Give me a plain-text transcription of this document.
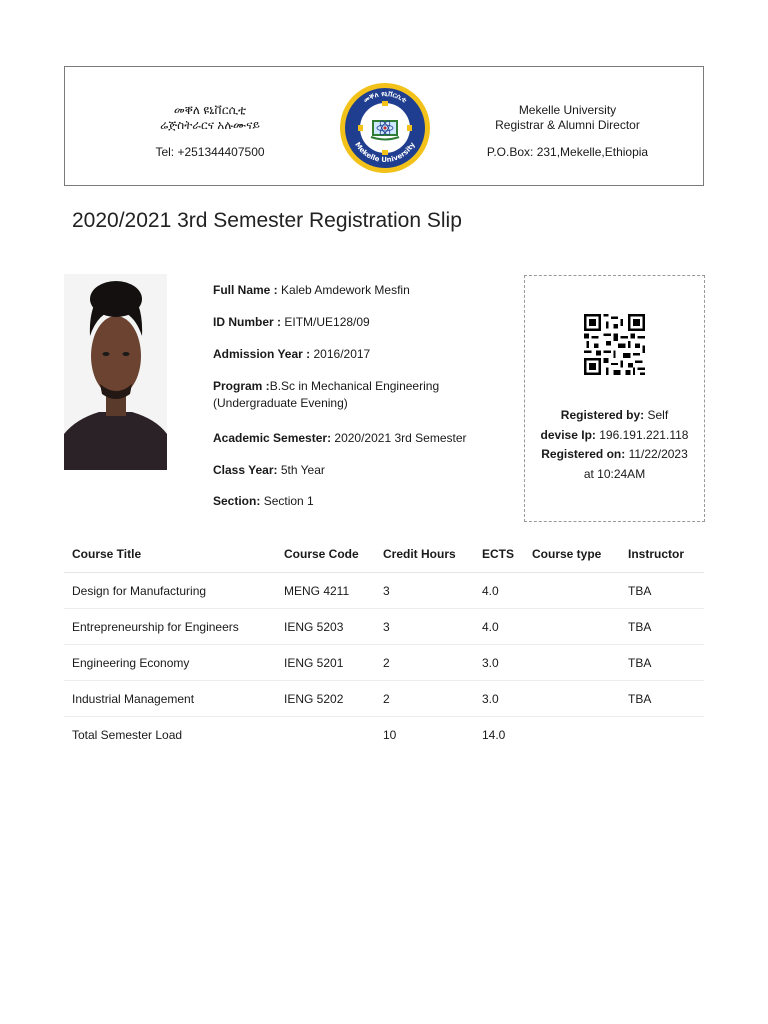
መቐለ ዩኒቨርሲቲ
ሬጅስትራርና አሉሙናይ
Tel: +251344407500
መቐለ ዩኒቨርሲቲ
Mekelle University
Mekelle University
Registrar & Alumni Director
P.O.Box: 231,Mekelle,Ethiopia
2020/2021 3rd Semester Registration Slip
Full Name : Kaleb Amdework Mesfin
ID Number : EITM/UE128/09
Admission Year : 2016/2017
Program :B.Sc in Mechanical Engineering
(Undergraduate Evening)
Academic Semester: 2020/2021 3rd Semester
Class Year: 5th Year
Section: Section 1
Registered by: Self
devise Ip: 196.191.221.118
Registered on: 11/22/2023
at 10:24AM
Course Title	Course Code	Credit Hours	ECTS	Course type	Instructor
Design for Manufacturing	MENG 4211	3	4.0		TBA
Entrepreneurship for Engineers	IENG 5203	3	4.0		TBA
Engineering Economy	IENG 5201	2	3.0		TBA
Industrial Management	IENG 5202	2	3.0		TBA
Total Semester Load		10	14.0		
